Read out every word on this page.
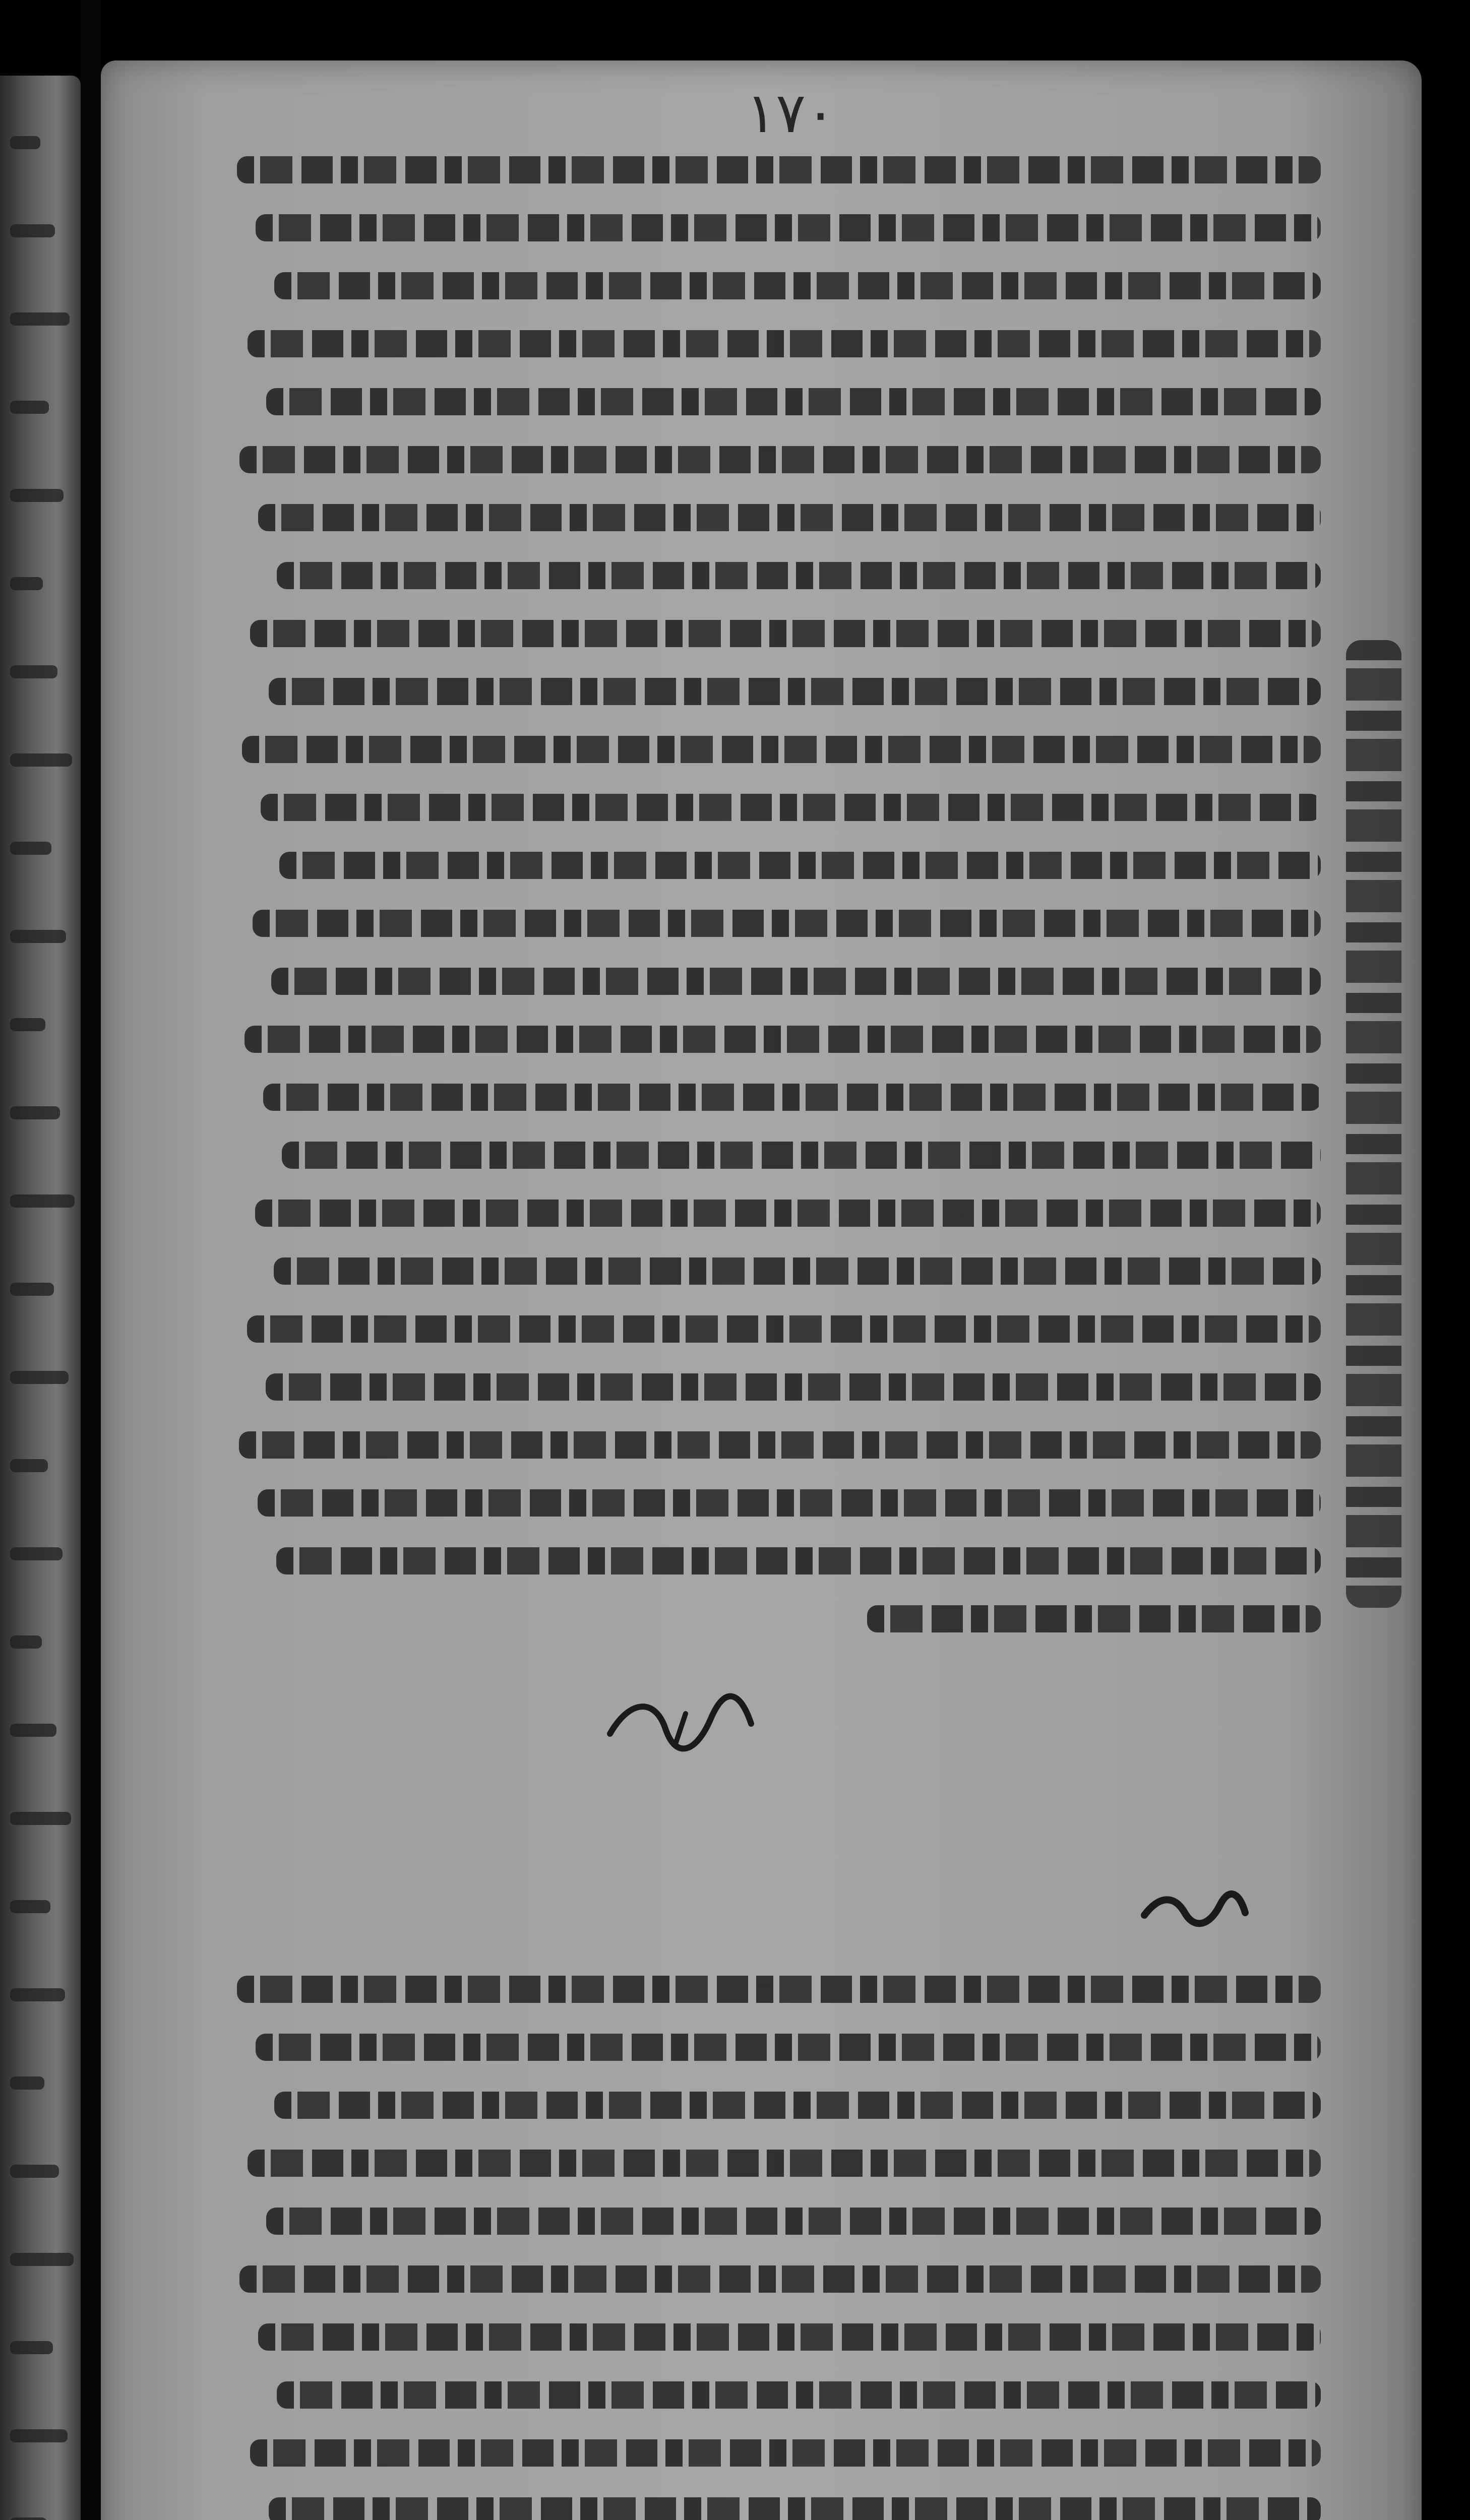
١٧٠
